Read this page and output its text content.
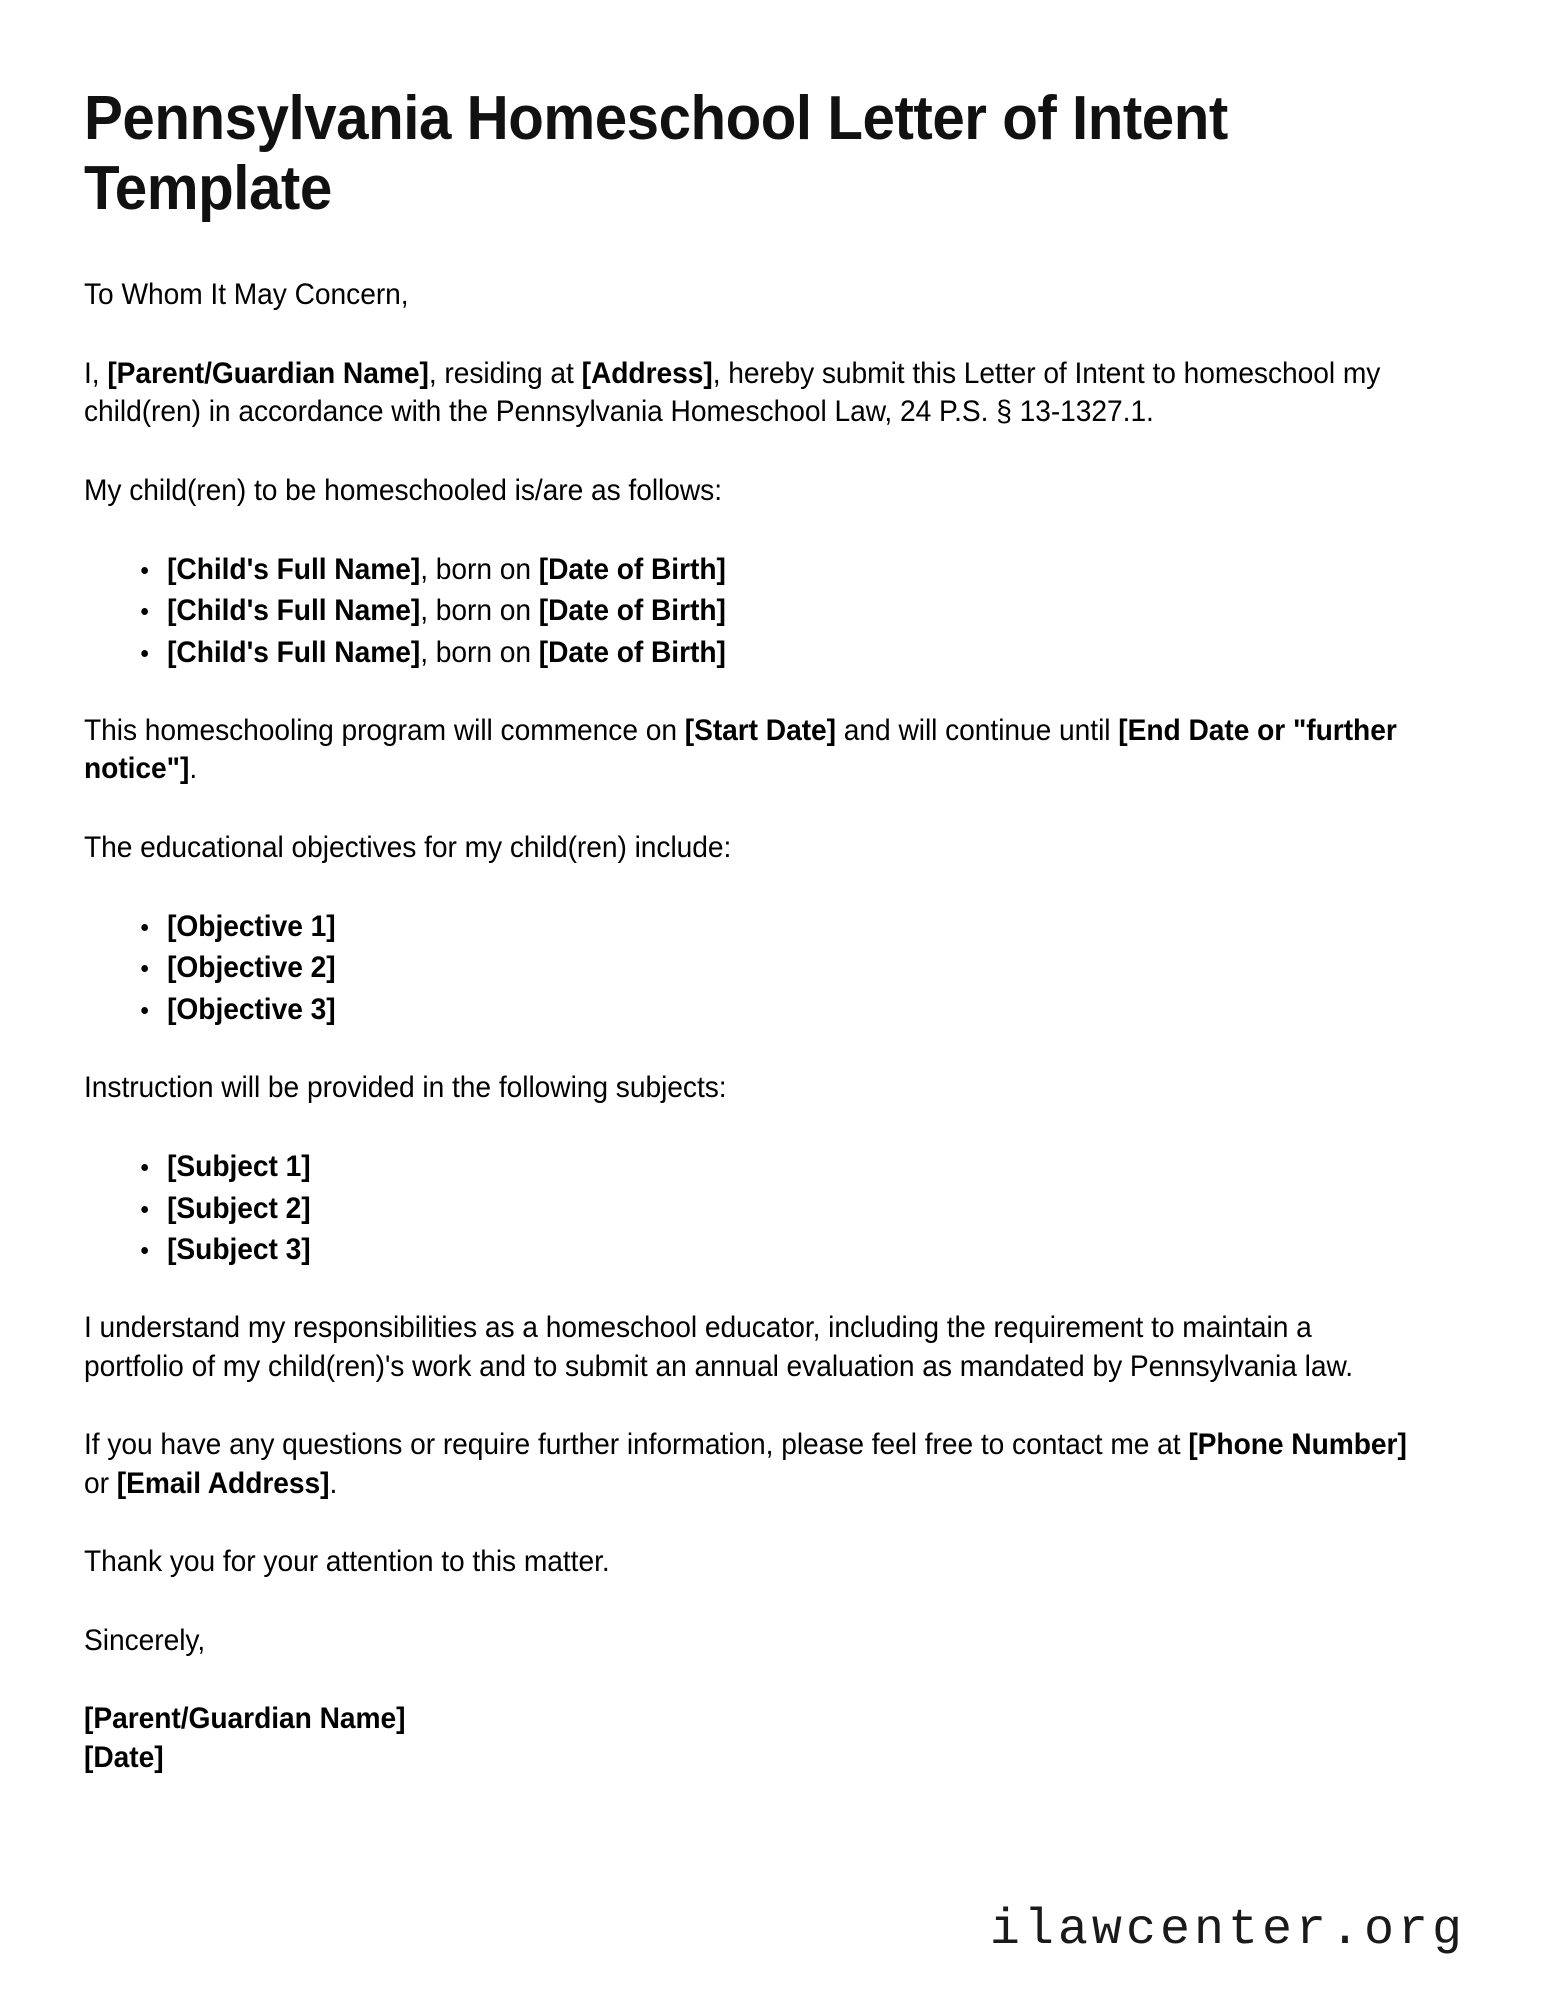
Pennsylvania Homeschool Letter of Intent Template

To Whom It May Concern,

I, [Parent/Guardian Name], residing at [Address], hereby submit this Letter of Intent to homeschool my child(ren) in accordance with the Pennsylvania Homeschool Law, 24 P.S. § 13-1327.1.

My child(ren) to be homeschooled is/are as follows:

[Child's Full Name], born on [Date of Birth]
[Child's Full Name], born on [Date of Birth]
[Child's Full Name], born on [Date of Birth]

This homeschooling program will commence on [Start Date] and will continue until [End Date or "further notice"].

The educational objectives for my child(ren) include:

[Objective 1]
[Objective 2]
[Objective 3]

Instruction will be provided in the following subjects:

[Subject 1]
[Subject 2]
[Subject 3]

I understand my responsibilities as a homeschool educator, including the requirement to maintain a portfolio of my child(ren)'s work and to submit an annual evaluation as mandated by Pennsylvania law.

If you have any questions or require further information, please feel free to contact me at [Phone Number] or [Email Address].

Thank you for your attention to this matter.

Sincerely,

[Parent/Guardian Name]
[Date]
ilawcenter.org
